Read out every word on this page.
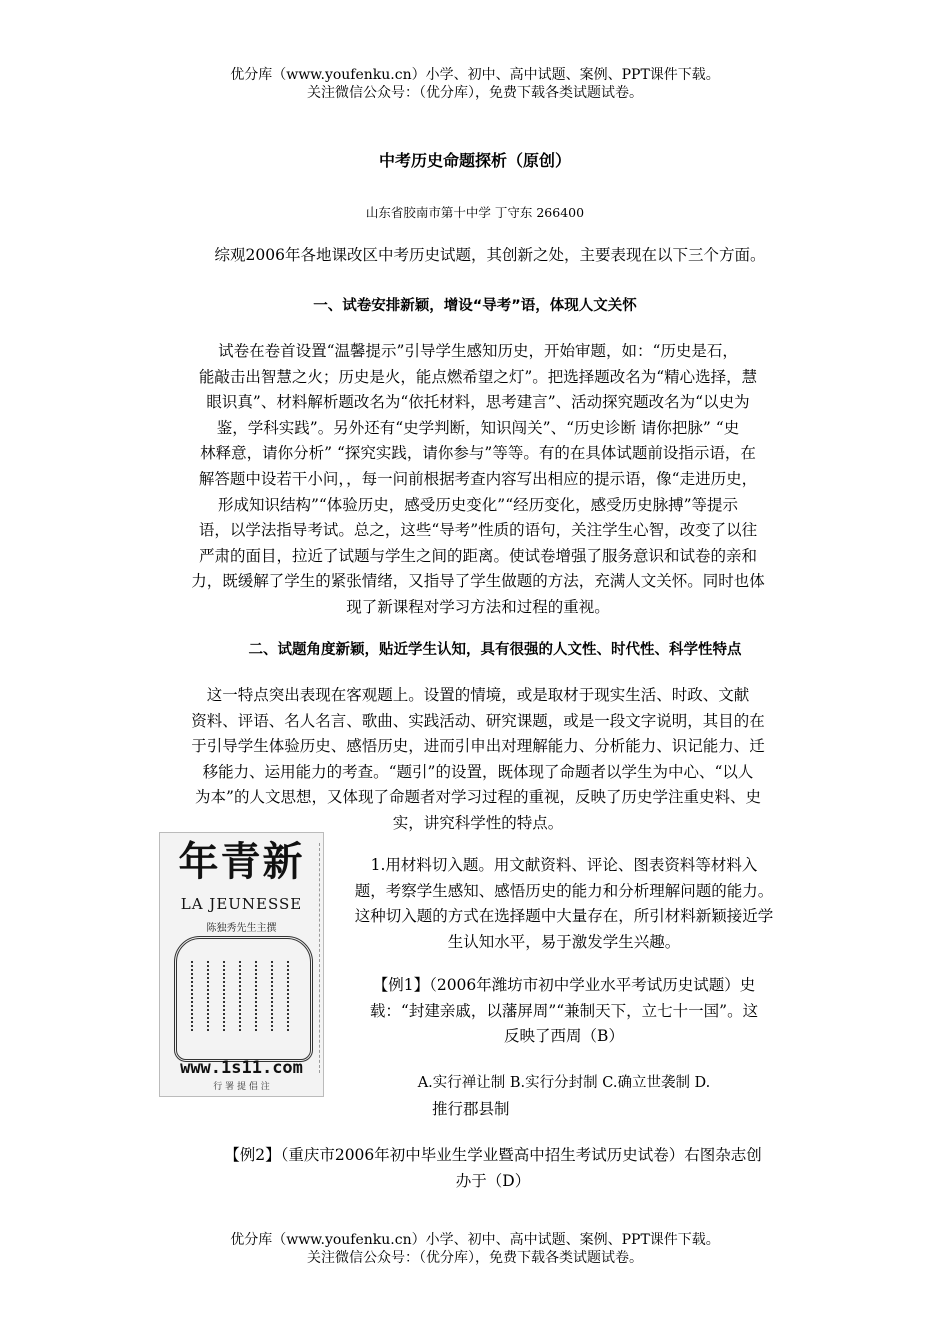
优分库（www.youfenku.cn）小学、初中、高中试题、案例、PPT课件下载。
关注微信公众号：（优分库），免费下载各类试题试卷。
中考历史命题探析（原创）
山东省胶南市第十中学 丁守东 266400
综观2006年各地课改区中考历史试题，其创新之处，主要表现在以下三个方面。
一、试卷安排新颖，增设“导考”语，体现人文关怀
试卷在卷首设置“温馨提示”引导学生感知历史，开始审题，如：“历史是石，
能敲击出智慧之火；历史是火，能点燃希望之灯”。把选择题改名为“精心选择，慧
眼识真”、材料解析题改名为“依托材料，思考建言”、活动探究题改名为“以史为
鉴，学科实践”。另外还有“史学判断，知识闯关”、“历史诊断 请你把脉” “史
林释意，请你分析” “探究实践，请你参与”等等。有的在具体试题前设指示语，在
解答题中设若干小问，，每一问前根据考查内容写出相应的提示语，像“走进历史，
形成知识结构”“体验历史，感受历史变化”“经历变化，感受历史脉搏”等提示
语，以学法指导考试。总之，这些“导考”性质的语句，关注学生心智，改变了以往
严肃的面目，拉近了试题与学生之间的距离。使试卷增强了服务意识和试卷的亲和
力，既缓解了学生的紧张情绪，又指导了学生做题的方法，充满人文关怀。同时也体
现了新课程对学习方法和过程的重视。
二、试题角度新颖，贴近学生认知，具有很强的人文性、时代性、科学性特点
这一特点突出表现在客观题上。设置的情境，或是取材于现实生活、时政、文献
资料、评语、名人名言、歌曲、实践活动、研究课题，或是一段文字说明，其目的在
于引导学生体验历史、感悟历史，进而引申出对理解能力、分析能力、识记能力、迁
移能力、运用能力的考查。“题引”的设置，既体现了命题者以学生为中心、“以人
为本”的人文思想，又体现了命题者对学习过程的重视，反映了历史学注重史料、史
实，讲究科学性的特点。
年青新
LA JEUNESSE
陈独秀先生主撰
www.1s11.com
行 署 提 倡 注
1.用材料切入题。用文献资料、评论、图表资料等材料入
题，考察学生感知、感悟历史的能力和分析理解问题的能力。
这种切入题的方式在选择题中大量存在，所引材料新颖接近学
生认知水平，易于激发学生兴趣。
【例1】（2006年潍坊市初中学业水平考试历史试题）史
载：“封建亲戚，以藩屏周”“兼制天下，立七十一国”。这
反映了西周（B）
A.实行禅让制 B.实行分封制 C.确立世袭制 D.
推行郡县制
【例2】（重庆市2006年初中毕业生学业暨高中招生考试历史试卷）右图杂志创
办于（D）
优分库（www.youfenku.cn）小学、初中、高中试题、案例、PPT课件下载。
关注微信公众号：（优分库），免费下载各类试题试卷。
